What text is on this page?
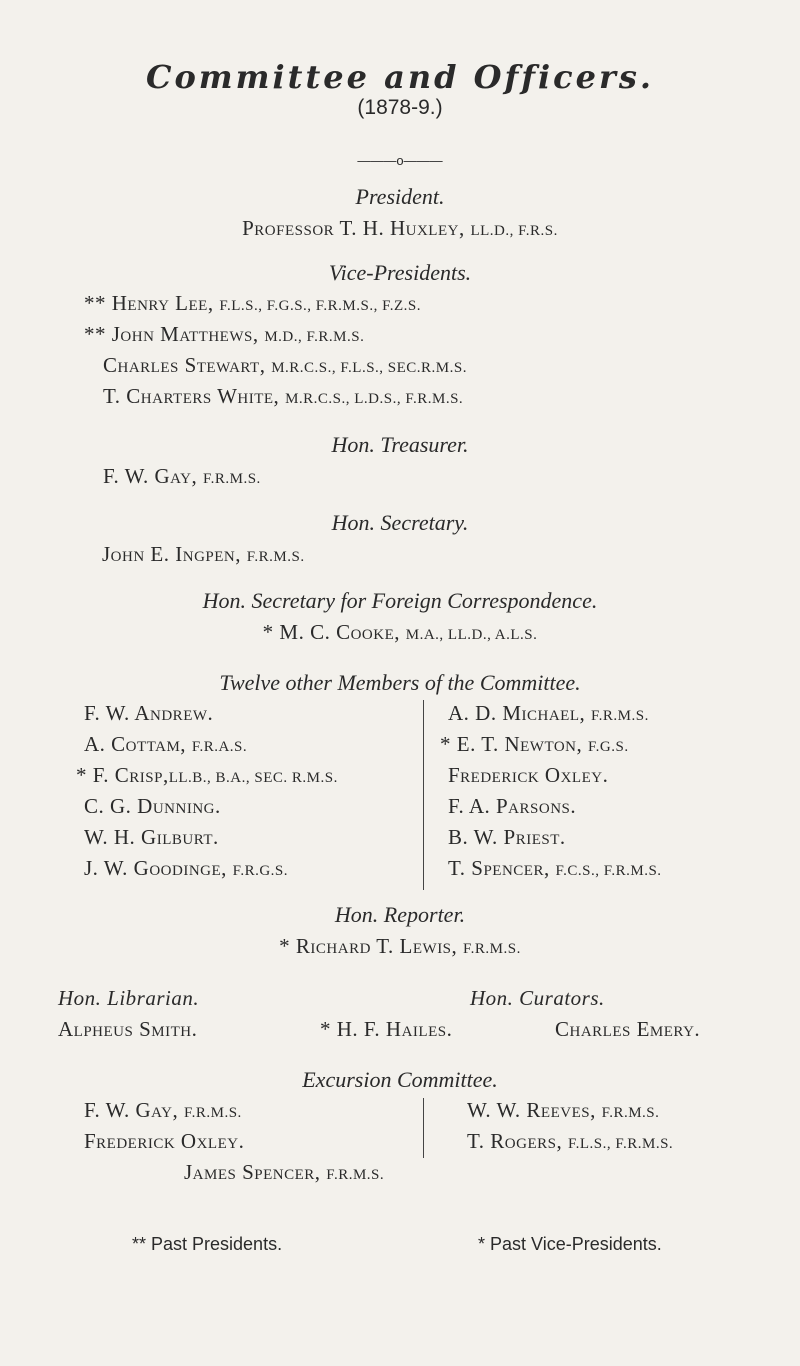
Committee and Officers.
(1878-9.)
———o———
President.
Professor T. H. Huxley, LL.D., F.R.S.
Vice-Presidents.
** Henry Lee, F.L.S., F.G.S., F.R.M.S., F.Z.S.
** John Matthews, M.D., F.R.M.S.
Charles Stewart, M.R.C.S., F.L.S., SEC.R.M.S.
T. Charters White, M.R.C.S., L.D.S., F.R.M.S.
Hon. Treasurer.
F. W. Gay, F.R.M.S.
Hon. Secretary.
John E. Ingpen, F.R.M.S.
Hon. Secretary for Foreign Correspondence.
* M. C. Cooke, M.A., LL.D., A.L.S.
Twelve other Members of the Committee.
F. W. Andrew.
A. Cottam, F.R.A.S.
* F. Crisp,LL.B., B.A., SEC. R.M.S.
C. G. Dunning.
W. H. Gilburt.
J. W. Goodinge, F.R.G.S.
A. D. Michael, F.R.M.S.
* E. T. Newton, F.G.S.
Frederick Oxley.
F. A. Parsons.
B. W. Priest.
T. Spencer, F.C.S., F.R.M.S.
Hon. Reporter.
* Richard T. Lewis, F.R.M.S.
Hon. Librarian.	Hon. Curators.
Alpheus Smith.	* H. F. Hailes.	Charles Emery.
Excursion Committee.
F. W. Gay, F.R.M.S.
Frederick Oxley.
W. W. Reeves, F.R.M.S.
T. Rogers, F.L.S., F.R.M.S.
James Spencer, F.R.M.S.
** Past Presidents.	* Past Vice-Presidents.
